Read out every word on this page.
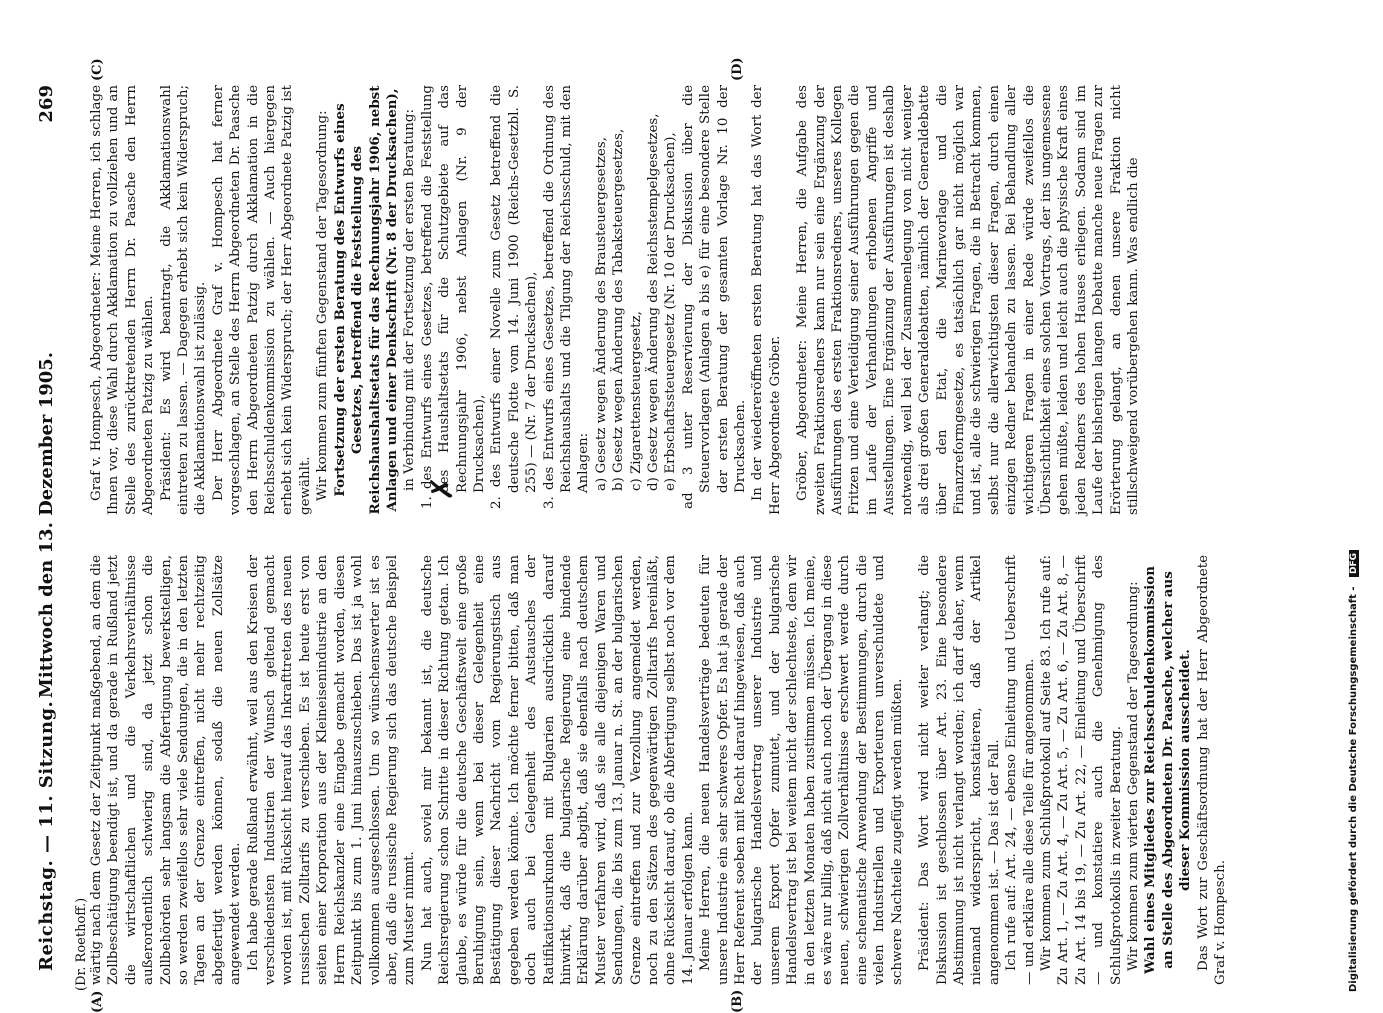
Reichstag. — 11. Sitzung.
Mittwoch den 13. Dezember 1905.
269
(Dr. Roethoff.)
(A)	(B)
(C)	(D)

wärtig nach dem Gesetz der Zeitpunkt maßgebend, an dem die Zollbeschätigung beendigt ist, und da gerade in Rußland jetzt die wirtschaftlichen und die Verkehrsverhältnisse außerordentlich schwierig sind, da jetzt schon die Zollbehörden sehr langsam die Abfertigung bewerkstelligen, so werden zweifellos sehr viele Sendungen, die in den letzten Tagen an der Grenze eintreffen, nicht mehr rechtzeitig abgefertigt werden können, sodaß die neuen Zollsätze angewendet werden. Ich habe gerade Rußland erwähnt, weil aus den Kreisen der verschiedensten Industrien der Wunsch geltend gemacht worden ist, mit Rücksicht hierauf das Inkrafttreten des neuen russischen Zolltarifs zu verschieben. Es ist heute erst von seiten einer Korporation aus der Kleineisenindustrie an den Herrn Reichskanzler eine Eingabe gemacht worden, diesen Zeitpunkt bis zum 1. Juni hinauszuschieben. Das ist ja wohl vollkommen ausgeschlossen. Um so wünschenswerter ist es aber, daß die russische Regierung sich das deutsche Beispiel zum Muster nimmt. Nun hat auch, soviel mir bekannt ist, die deutsche Reichsregierung schon Schritte in dieser Richtung getan. Ich glaube, es würde für die deutsche Geschäftswelt eine große Beruhigung sein, wenn bei dieser Gelegenheit eine Bestätigung dieser Nachricht vom Regierungstisch aus gegeben werden könnte. Ich möchte ferner bitten, daß man doch auch bei Gelegenheit des Austausches der Ratifikationsurkunden mit Bulgarien ausdrücklich darauf hinwirkt, daß die bulgarische Regierung eine bindende Erklärung darüber abgibt, daß sie ebenfalls nach deutschem Muster verfahren wird, daß sie alle diejenigen Waren und Sendungen, die bis zum 13. Januar n. St. an der bulgarischen Grenze eintreffen und zur Verzollung angemeldet werden, noch zu den Sätzen des gegenwärtigen Zolltarifs hereinläßt, ohne Rücksicht darauf, ob die Abfertigung selbst noch vor dem 14. Januar erfolgen kann. Meine Herren, die neuen Handelsverträge bedeuten für unsere Industrie ein sehr schweres Opfer. Es hat ja gerade der Herr Referent soeben mit Recht darauf hingewiesen, daß auch der bulgarische Handelsvertrag unserer Industrie und unserem Export Opfer zumutet, und der bulgarische Handelsvertrag ist bei weitem nicht der schlechteste, dem wir in den letzten Monaten haben zustimmen müssen. Ich meine, es wäre nur billig, daß nicht auch noch der Übergang in diese neuen, schwierigen Zollverhältnisse erschwert werde durch eine schematische Anwendung der Bestimmungen, durch die vielen Industriellen und Exporteuren unverschuldete und schwere Nachteile zugefügt werden müßten. Präsident: Das Wort wird nicht weiter verlangt; die Diskussion ist geschlossen über Art. 23. Eine besondere Abstimmung ist nicht verlangt worden; ich darf daher, wenn niemand widerspricht, konstatieren, daß der Artikel angenommen ist. — Das ist der Fall. Ich rufe auf: Art. 24, — ebenso Einleitung und Ueberschrift — und erkläre alle diese Teile für angenommen. Wir kommen zum Schlußprotokoll auf Seite 83. Ich rufe auf: Zu Art. 1, — Zu Art. 4, — Zu Art. 5, — Zu Art. 6, — Zu Art. 8, — Zu Art. 14 bis 19, — Zu Art. 22, — Einleitung und Überschrift — und konstatiere auch die Genehmigung des Schlußprotokolls in zweiter Beratung. Wir kommen zum vierten Gegenstand der Tagesordnung: Wahl eines Mitgliedes zur Reichsschuldenkommission an Stelle des Abgeordneten Dr. Paasche, welcher aus dieser Kommission ausscheidet. Das Wort zur Geschäftsordnung hat der Herr Abgeordnete Graf v. Hompesch.

Graf v. Hompesch, Abgeordneter: Meine Herren, ich schlage Ihnen vor, diese Wahl durch Akklamation zu vollziehen und an Stelle des zurücktretenden Herrn Dr. Paasche den Herrn Abgeordneten Patzig zu wählen. Präsident: Es wird beantragt, die Akklamationswahl eintreten zu lassen. — Dagegen erhebt sich kein Widerspruch; die Akklamationswahl ist zulässig. Der Herr Abgeordnete Graf v. Hompesch hat ferner vorgeschlagen, an Stelle des Herrn Abgeordneten Dr. Paasche den Herrn Abgeordneten Patzig durch Akklamation in die Reichsschuldenkommission zu wählen. — Auch hiergegen erhebt sich kein Widerspruch; der Herr Abgeordnete Patzig ist gewählt. Wir kommen zum fünften Gegenstand der Tagesordnung: Fortsetzung der ersten Beratung des Entwurfs eines Gesetzes, betreffend die Feststellung des Reichshaushaltsetats für das Rechnungsjahr 1906, nebst Anlagen und einer Denkschrift (Nr. 8 der Drucksachen), in Verbindung mit der Fortsetzung der ersten Beratung: 1. des Entwurfs eines Gesetzes, betreffend die Feststellung des Haushaltsetats für die Schutzgebiete auf das Rechnungsjahr 1906, nebst Anlagen (Nr. 9 der Drucksachen), 2. des Entwurfs einer Novelle zum Gesetz betreffend die deutsche Flotte vom 14. Juni 1900 (Reichs-Gesetzbl. S. 255) — (Nr. 7 der Drucksachen), 3. des Entwurfs eines Gesetzes, betreffend die Ordnung des Reichshaushalts und die Tilgung der Reichsschuld, mit den Anlagen: a) Gesetz wegen Änderung des Brausteuergesetzes, b) Gesetz wegen Änderung des Tabaksteuergesetzes, c) Zigarettensteuergesetz, d) Gesetz wegen Änderung des Reichsstempelgesetzes, e) Erbschaftssteuergesetz (Nr. 10 der Drucksachen), ad 3 unter Reservierung der Diskussion über die Steuervorlagen (Anlagen a bis e) für eine besondere Stelle der ersten Beratung der gesamten Vorlage Nr. 10 der Drucksachen. In der wiedereröffneten ersten Beratung hat das Wort der Herr Abgeordnete Gröber. Gröber, Abgeordneter: Meine Herren, die Aufgabe des zweiten Fraktionsredners kann nur sein eine Ergänzung der Ausführungen des ersten Fraktionsredners, unseres Kollegen Fritzen und eine Verteidigung seiner Ausführungen gegen die im Laufe der Verhandlungen erhobenen Angriffe und Ausstellungen. Eine Ergänzung der Ausführungen ist deshalb notwendig, weil bei der Zusammenlegung von nicht weniger als drei großen Generaldebatten, nämlich der Generaldebatte über den Etat, die Marinevorlage und die Finanzreformgesetze, es tatsächlich gar nicht möglich war und ist, alle die schwierigen Fragen, die in Betracht kommen, selbst nur die allerwichtigsten dieser Fragen, durch einen einzigen Redner behandeln zu lassen. Bei Behandlung aller wichtigeren Fragen in einer Rede würde zweifellos die Übersichtlichkeit eines solchen Vortrags, der ins ungemessene gehen müßte, leiden und leicht auch die physische Kraft eines jeden Redners des hohen Hauses erliegen. Sodann sind im Laufe der bisherigen langen Debatte manche neue Fragen zur Erörterung gelangt, an denen unsere Fraktion nicht stillschweigend vorübergehen kann. Was endlich die

✗
Digitalisierung gefördert durch die Deutsche Forschungsgemeinschaft - DFG
